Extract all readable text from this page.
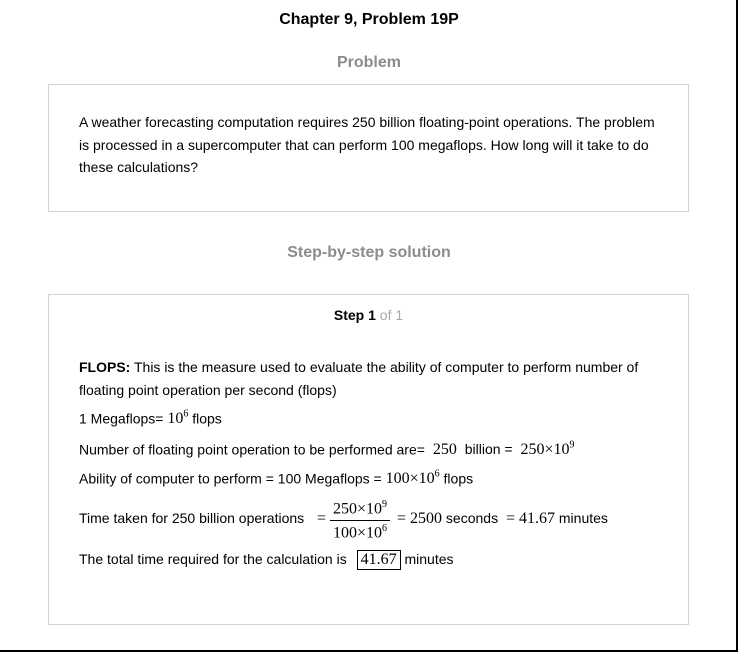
Chapter 9, Problem 19P
Problem
A weather forecasting computation requires 250 billion floating-point operations. The problem is processed in a supercomputer that can perform 100 megaflops. How long will it take to do these calculations?
Step-by-step solution
Step 1 of 1
FLOPS: This is the measure used to evaluate the ability of computer to perform number of floating point operation per second (flops)
1 Megaflops= $10^6$ flops
Number of floating point operation to be performed are= 250 billion = $250\times 10^9$
Ability of computer to perform = 100 Megaflops = $100\times 10^6$ flops
Time taken for 250 billion operations =
$250\times 10^9$
$100\times 10^6$
= 2500 seconds = 41.67 minutes
The total time required for the calculation is 41.67 minutes
